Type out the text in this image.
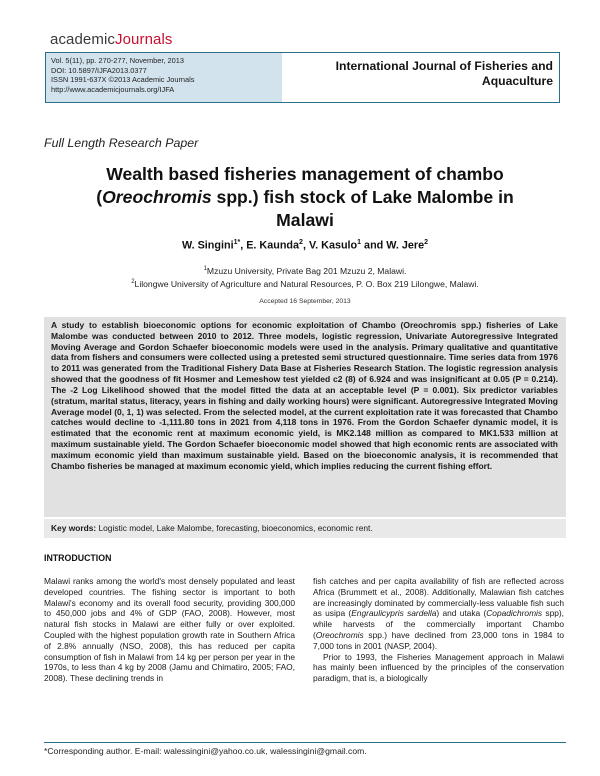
academicJournals
Vol. 5(11), pp. 270-277, November, 2013
DOI: 10.5897/IJFA2013.0377
ISSN 1991-637X ©2013 Academic Journals
http://www.academicjournals.org/IJFA
International Journal of Fisheries and
Aquaculture
Full Length Research Paper
Wealth based fisheries management of chambo
(Oreochromis spp.) fish stock of Lake Malombe in
Malawi
W. Singini$^{1*}$, E. Kaunda$^2$, V. Kasulo$^1$ and W. Jere$^2$
$^1$Mzuzu University, Private Bag 201 Mzuzu 2, Malawi.
$^2$Lilongwe University of Agriculture and Natural Resources, P. O. Box 219 Lilongwe, Malawi.
Accepted 16 September, 2013
A study to establish bioeconomic options for economic exploitation of Chambo (Oreochromis spp.) fisheries of Lake Malombe was conducted between 2010 to 2012. Three models, logistic regression, Univariate Autoregressive Integrated Moving Average and Gordon Schaefer bioeconomic models were used in the analysis. Primary qualitative and quantitative data from fishers and consumers were collected using a pretested semi structured questionnaire. Time series data from 1976 to 2011 was generated from the Traditional Fishery Data Base at Fisheries Research Station. The logistic regression analysis showed that the goodness of fit Hosmer and Lemeshow test yielded c2 (8) of 6.924 and was insignificant at 0.05 (P = 0.214). The -2 Log Likelihood showed that the model fitted the data at an acceptable level (P = 0.001). Six predictor variables (stratum, marital status, literacy, years in fishing and daily working hours) were significant. Autoregressive Integrated Moving Average model (0, 1, 1) was selected. From the selected model, at the current exploitation rate it was forecasted that Chambo catches would decline to -1,111.80 tons in 2021 from 4,118 tons in 1976. From the Gordon Schaefer dynamic model, it is estimated that the economic rent at maximum economic yield, is MK2.148 million as compared to MK1.533 million at maximum sustainable yield. The Gordon Schaefer bioeconomic model showed that high economic rents are associated with maximum economic yield than maximum sustainable yield. Based on the bioeconomic analysis, it is recommended that Chambo fisheries be managed at maximum economic yield, which implies reducing the current fishing effort.
Key words: Logistic model, Lake Malombe, forecasting, bioeconomics, economic rent.
INTRODUCTION

Malawi ranks among the world's most densely populated and least developed countries. The fishing sector is important to both Malawi's economy and its overall food security, providing 300,000 to 450,000 jobs and 4% of GDP (FAO, 2008). However, most natural fish stocks in Malawi are either fully or over exploited. Coupled with the highest population growth rate in Southern Africa of 2.8% annually (NSO, 2008), this has reduced per capita consumption of fish in Malawi from 14 kg per person per year in the 1970s, to less than 4 kg by 2008 (Jamu and Chimatiro, 2005; FAO, 2008). These declining trends in

fish catches and per capita availability of fish are reflected across Africa (Brummett et al., 2008). Additionally, Malawian fish catches are increasingly dominated by commercially-less valuable fish such as usipa (Engraulicypris sardella) and utaka (Copadichromis spp), while harvests of the commercially important Chambo (Oreochromis spp.) have declined from 23,000 tons in 1984 to 7,000 tons in 2001 (NASP, 2004).

Prior to 1993, the Fisheries Management approach in Malawi has mainly been influenced by the principles of the conservation paradigm, that is, a biologically

*Corresponding author. E-mail: walessingini@yahoo.co.uk, walessingini@gmail.com.
